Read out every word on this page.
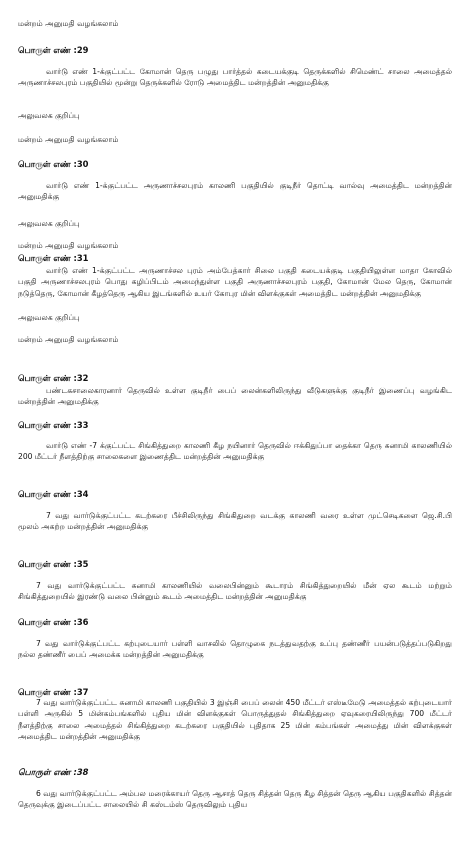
மன்றம் அனுமதி வழங்கலாம்
பொருள் எண் :29
வார்டு எண் 1-க்குட்பட்ட கோமான் தெரு பழுது பார்த்தல் கடையக்குடி தெருக்களில் சிமெண்ட் சாலை அமைத்தல் அருணாச்சலபுரம் பகுதியில் மூன்று தெருக்களில் ரோடு அமைத்திட மன்றத்தின் அனுமதிக்கு
அலுவலக குறிப்பு
மன்றம் அனுமதி வழங்கலாம்
பொருள் எண் :30
வார்டு எண் 1-க்குட்பட்ட அருணாச்சலபுரம் காலணி பகுதியில் குடிநீர் தொட்டி வால்வு அமைத்திட மன்றத்தின் அனுமதிக்கு
அலுவலக குறிப்பு
மன்றம் அனுமதி வழங்கலாம்
பொருள் எண் :31
வார்டு எண் 1-க்குட்பட்ட அருணாச்சல புரம் அம்பேத்கார் சிலை பகுதி கடையக்குடி பகுதியிலுள்ள மாதா கோவில் பகுதி அருணாச்சலபுரம் பொது கழிப்பிடம் அமைந்துள்ள பகுதி அருணாச்சலபுரம் பகுதி, கோமான் மேல தெரு, கோமான் நடுத்தெரு, கோமான் கீழத்தெரு ஆகிய இடங்களில் உயர் கோபுர மின் விளக்குகள் அமைத்திட மன்றத்தின் அனுமதிக்கு
அலுவலக குறிப்பு
மன்றம் அனுமதி வழங்கலாம்
பொருள் எண் :32
பண்டகசாலைகாரனார் தெருவில் உள்ள குடிநீர் பைப் லைன்களிலிருந்து வீடுகளுக்கு குடிநீர் இணைப்பு வழங்கிட மன்றத்தின் அனுமதிக்கு
பொருள் எண் :33
வார்டு எண் -7 க்குட்பட்ட சிங்கித்துறை காலணி கீழ நயினார் தெருவில் ஈக்கிதுப்பா தைக்கா தெரு சுனாமி காலணியில் 200 மீட்டர் நீளத்திற்கு சாலைகளை இணைத்திட மன்றத்தின் அனுமதிக்கு
பொருள் எண் :34
7 வது வார்டுக்குட்பட்ட கடற்கரை பீச்சிலிருந்து சிங்கிதுறை வடக்கு காலணி வரை உள்ள முட்செடிகளை ஜெ.சி.பி மூலம் அகற்ற மன்றத்தின் அனுமதிக்கு
பொருள் எண் :35
7 வது வார்டுக்குட்பட்ட சுனாமி காலணியில் வலைபின்னும் கூடாரம் சிங்கித்துறையில் மீன் ஏல கூடம் மற்றும் சிங்கித்துறையில் இரண்டு வலை பின்னும் கூடம் அமைத்திட மன்றத்தின் அனுமதிக்கு
பொருள் எண் :36
7 வது வார்டுக்குட்பட்ட கற்புடையார் பள்ளி வாசலில் தொழுகை நடத்துவதற்கு உப்பு தண்ணீர் பயன்படுத்தப்படுகிறது நல்ல தண்ணீர் பைப் அமைக்க மன்றத்தின் அனுமதிக்கு
பொருள் எண் :37
7 வது வார்டுக்குட்பட்ட சுனாமி காலணி பகுதியில் 3 இஞ்சி பைப் லைன் 450 மீட்டர் எஸ்டீமேடு அமைத்தல் கற்புடையார் பள்ளி அருகில் 5 மின்கம்பங்களில் புதிய மின் விளக்குகள் பொருத்துதல் சிங்கித்துறை ஏவுகரையிலிருந்து 700 மீட்டர் நீளத்திற்கு சாலை அமைத்தல் சிங்கித்துறை கடற்கரை பகுதியில் புதிதாக 25 மின் கம்பங்கள் அமைத்து மின் விளக்குகள் அமைத்திட மன்றத்தின் அனுமதிக்கு
பொருள் எண் :38
6 வது வார்டுக்குட்பட்ட அம்பல மரைக்காயர் தெரு ஆசாத் தெரு சித்தன் தெரு கீழ சித்தன் தெரு ஆகிய பகுதிகளில் சித்தன் தெருவுக்கு இடைப்பட்ட சாலையில் சி கஸ்டம்ஸ் தெருவிலும் புதிய
